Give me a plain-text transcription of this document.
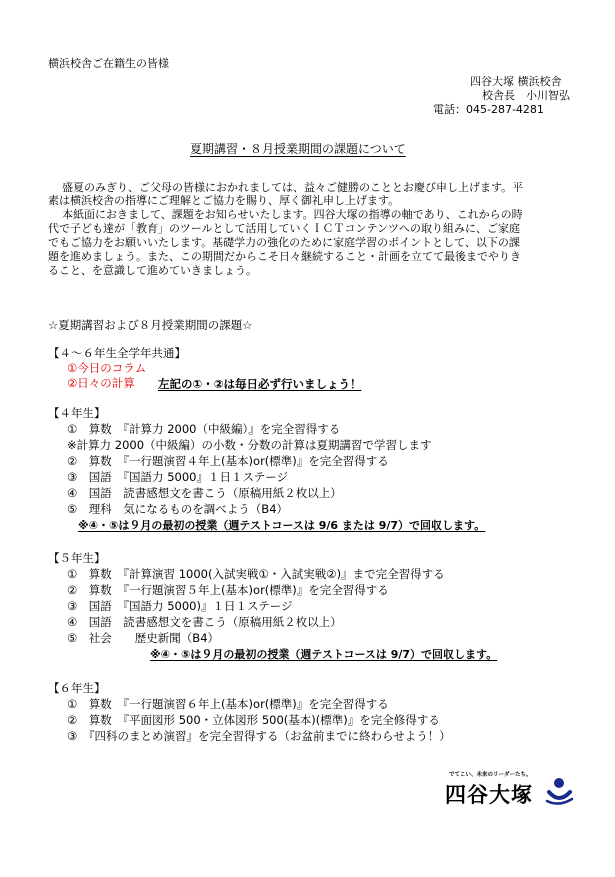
横浜校舎ご在籍生の皆様
四谷大塚 横浜校舎
校舎長　小川智弘
電話：045-287-4281
夏期講習・８月授業期間の課題について
盛夏のみぎり、ご父母の皆様におかれましては、益々ご健勝のこととお慶び申し上げます。平
素は横浜校舎の指導にご理解とご協力を賜り、厚く御礼申し上げます。
本紙面におきまして、課題をお知らせいたします。四谷大塚の指導の軸であり、これからの時
代で子ども達が「教育」のツールとして活用していくＩＣＴコンテンツへの取り組みに、ご家庭
でもご協力をお願いいたします。基礎学力の強化のために家庭学習のポイントとして、以下の課
題を進めましょう。また、この期間だからこそ日々継続すること・計画を立てて最後までやりき
ること、を意識して進めていきましょう。
☆夏期講習および８月授業期間の課題☆
【４～６年生全学年共通】
①今日のコラム
②日々の計算 左記の①・②は毎日必ず行いましょう！
【４年生】
①　算数　『計算力 2000（中級編）』を完全習得する
※計算力 2000（中級編）の小数・分数の計算は夏期講習で学習します
②　算数　『一行題演習４年上(基本)or(標準)』を完全習得する
③　国語　『国語力 5000』１日１ステージ
④　国語　読書感想文を書こう（原稿用紙２枚以上）
⑤　理科　気になるものを調べよう（B4）
※④・⑤は９月の最初の授業（週テストコースは 9/6 または 9/7）で回収します。
【５年生】
①　算数　『計算演習 1000(入試実戦①・入試実戦②)』まで完全習得する
②　算数　『一行題演習５年上(基本)or(標準)』を完全習得する
③　国語　『国語力 5000)』１日１ステージ
④　国語　読書感想文を書こう（原稿用紙２枚以上）
⑤　社会　　歴史新聞（B4）
※④・⑤は９月の最初の授業（週テストコースは 9/7）で回収します。
【６年生】
①　算数　『一行題演習６年上(基本)or(標準)』を完全習得する
②　算数　『平面図形 500・立体図形 500(基本)(標準)』を完全修得する
③　『四科のまとめ演習』を完全習得する（お盆前までに終わらせよう！）
でてこい、未来のリーダーたち。
四谷大塚
